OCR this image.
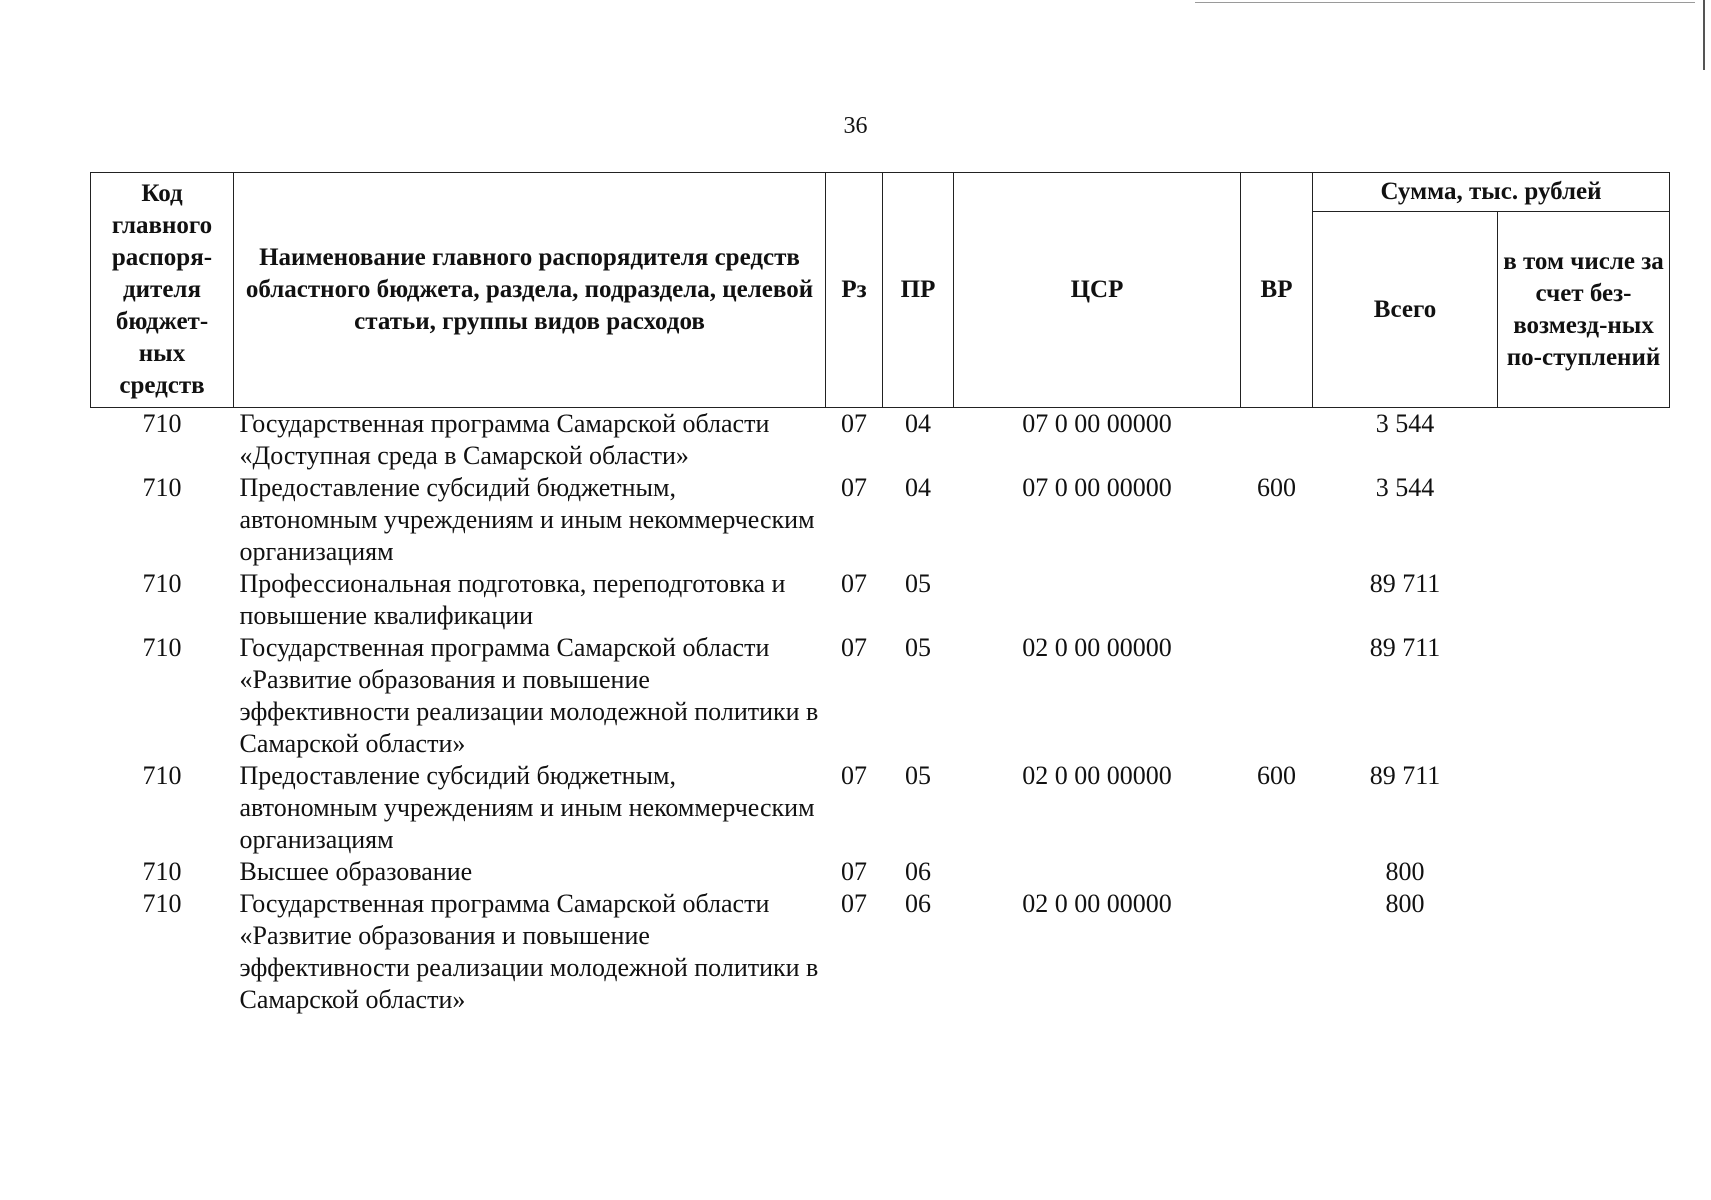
36
Код главного распоря-дителя бюджет-ных средств	Наименование главного распорядителя средств областного бюджета, раздела, подраздела, целевой статьи, группы видов расходов	Рз	ПР	ЦСР	ВР	Сумма, тыс. рублей	
						Всего	в том числе за счет без-возмезд-ных по-ступлений
710	Государственная программа Самарской области «Доступная среда в Самарской области»	07	04	07 0 00 00000		3 544	
710	Предоставление субсидий бюджетным, автономным учреждениям и иным некоммерческим организациям	07	04	07 0 00 00000	600	3 544	
710	Профессиональная подготовка, переподготовка и повышение квалификации	07	05			89 711	
710	Государственная программа Самарской области «Развитие образования и повышение эффективности реализации молодежной политики в Самарской области»	07	05	02 0 00 00000		89 711	
710	Предоставление субсидий бюджетным, автономным учреждениям и иным некоммерческим организациям	07	05	02 0 00 00000	600	89 711	
710	Высшее образование	07	06			800	
710	Государственная программа Самарской области «Развитие образования и повышение эффективности реализации молодежной политики в Самарской области»	07	06	02 0 00 00000		800	
